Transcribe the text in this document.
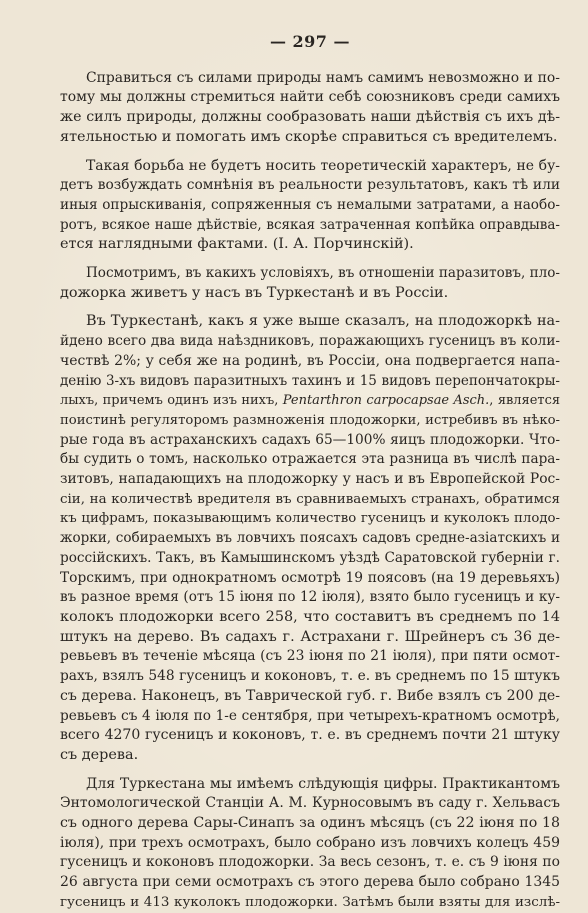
— 297 —
Справиться съ силами природы намъ самимъ невозможно и по-
тому мы должны стремиться найти себѣ союзниковъ среди самихъ
же силъ природы, должны сообразовать наши дѣйствiя съ ихъ дѣ-
ятельностью и помогать имъ скорѣе справиться съ вредителемъ.
Такая борьба не будетъ носить теоретическiй характеръ, не бу-
детъ возбуждать сомнѣнiя въ реальности результатовъ, какъ тѣ или
иныя опрыскиванiя, сопряженныя съ немалыми затратами, а наобо-
ротъ, всякое наше дѣйствiе, всякая затраченная копѣйка оправдыва-
ется наглядными фактами. (I. А. Порчинскiй).
Посмотримъ, въ какихъ условiяхъ, въ отношенiи паразитовъ, пло-
дожорка живетъ у насъ въ Туркестанѣ и въ Россiи.
Въ Туркестанѣ, какъ я уже выше сказалъ, на плодожоркѣ на-
йдено всего два вида наѣздниковъ, поражающихъ гусеницъ въ коли-
чествѣ 2%; у себя же на родинѣ, въ Россiи, она подвергается напа-
денiю 3-хъ видовъ паразитныхъ тахинъ и 15 видовъ перепончатокры-
лыхъ, причемъ одинъ изъ нихъ, Pentarthron carpocapsae Asch., является
поистинѣ регуляторомъ размноженiя плодожорки, истребивъ въ нѣко-
рые года въ астраханскихъ садахъ 65—100% яицъ плодожорки. Что-
бы судить о томъ, насколько отражается эта разница въ числѣ пара-
зитовъ, нападающихъ на плодожорку у насъ и въ Европейской Рос-
сiи, на количествѣ вредителя въ сравниваемыхъ странахъ, обратимся
къ цифрамъ, показывающимъ количество гусеницъ и куколокъ плодо-
жорки, собираемыхъ въ ловчихъ поясахъ садовъ средне-азiатскихъ и
россiйскихъ. Такъ, въ Камышинскомъ уѣздѣ Саратовской губернiи г.
Торскимъ, при однократномъ осмотрѣ 19 поясовъ (на 19 деревьяхъ)
въ разное время (отъ 15 iюня по 12 iюля), взято было гусеницъ и ку-
колокъ плодожорки всего 258, что составитъ въ среднемъ по 14
штукъ на дерево. Въ садахъ г. Астрахани г. Шрейнеръ съ 36 де-
ревьевъ въ теченiе мѣсяца (съ 23 iюня по 21 iюля), при пяти осмот-
рахъ, взялъ 548 гусеницъ и кокoновъ, т. е. въ среднемъ по 15 штукъ
съ дерева. Наконецъ, въ Таврической губ. г. Вибе взялъ съ 200 де-
ревьевъ съ 4 iюля по 1-е сентября, при четырехъ-кратномъ осмотрѣ,
всего 4270 гусеницъ и кокoновъ, т. е. въ среднемъ почти 21 штуку
съ дерева.
Для Туркестана мы имѣемъ слѣдующiя цифры. Практикантомъ
Энтомологической Станцiи А. М. Курносовымъ въ саду г. Хельвасъ
съ одного дерева Сары-Синапъ за одинъ мѣсяцъ (съ 22 iюня по 18
iюля), при трехъ осмотрахъ, было собрано изъ ловчихъ колецъ 459
гусеницъ и коконовъ плодожорки. За весь сезонъ, т. е. съ 9 iюня по
26 августа при семи осмотрахъ съ этого дерева было собрано 1345
гусеницъ и 413 куколокъ плодожорки. Затѣмъ были взяты для изслѣ-
